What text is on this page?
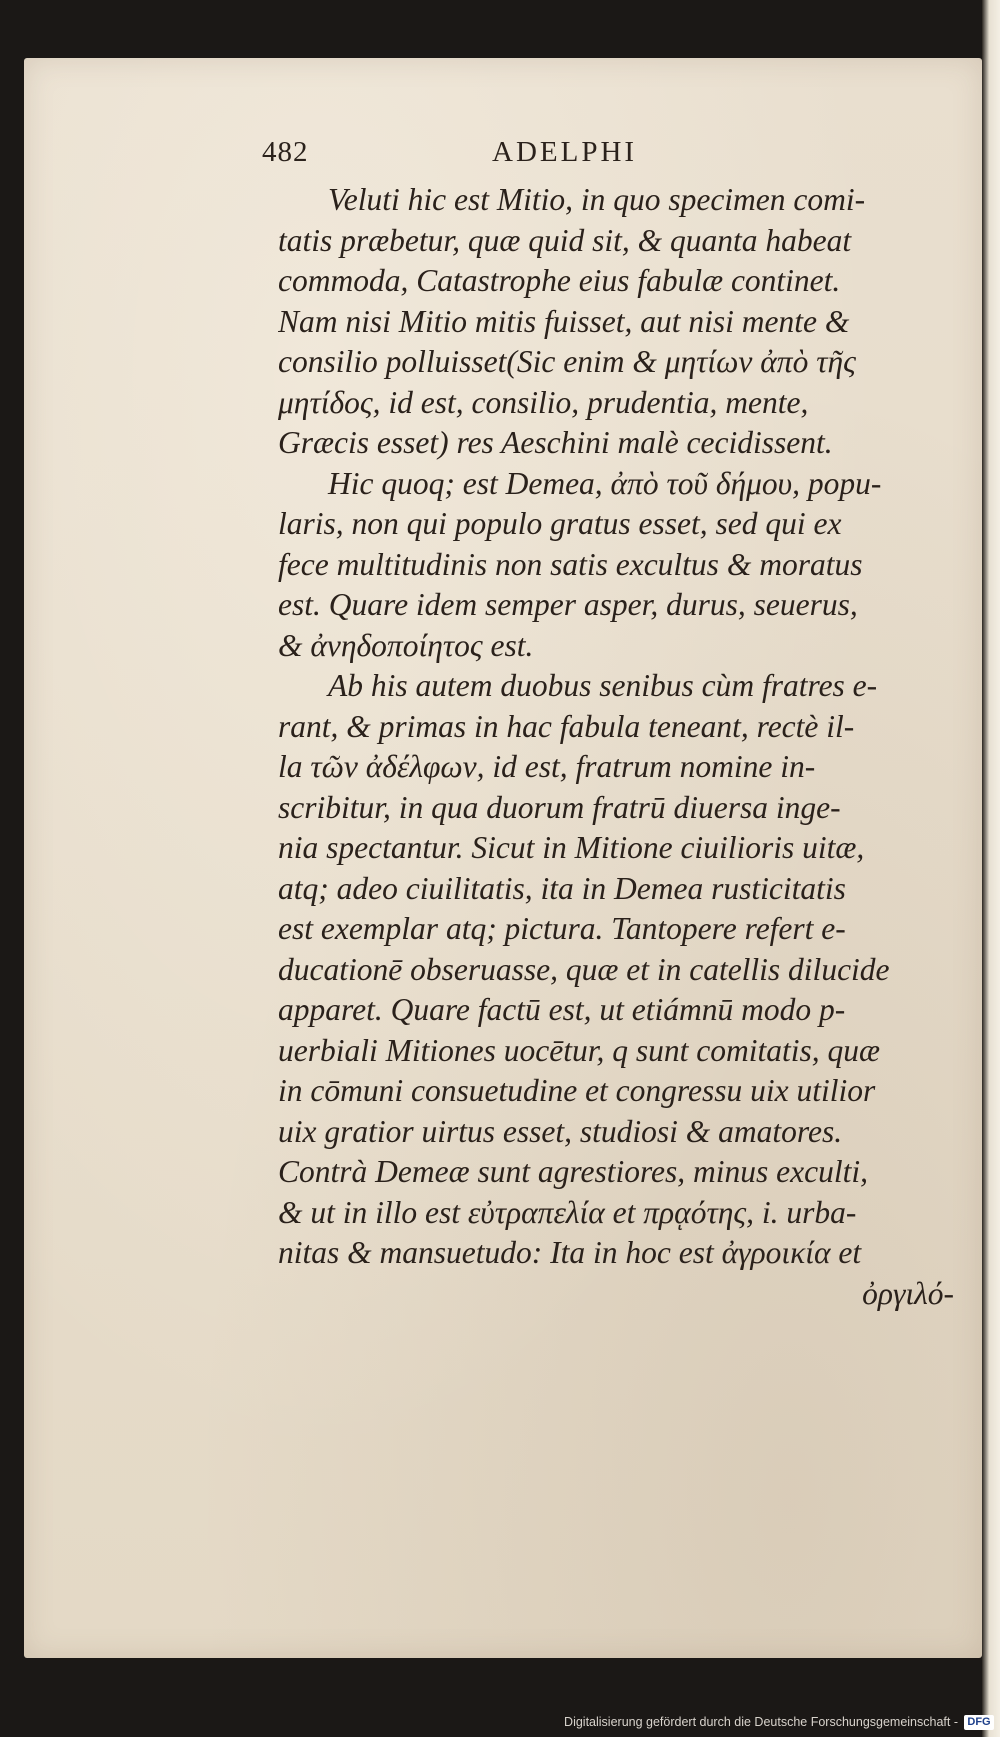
482	ADELPHI

Veluti hic est Mitio, in quo specimen comi-
tatis præbetur, quæ quid sit, & quanta habeat
commoda, Catastrophe eius fabulæ continet.
Nam nisi Mitio mitis fuisset, aut nisi mente &
consilio polluisset(Sic enim & μητίων ἀπὸ τῆς
μητίδος, id est, consilio, prudentia, mente,
Græcis esset) res Aeschini malè cecidissent.

Hic quoq; est Demea, ἀπὸ τοῦ δήμου, popu-
laris, non qui populo gratus esset, sed qui ex
fece multitudinis non satis excultus & moratus
est. Quare idem semper asper, durus, seuerus,
& ἀνηδοποίητος est.

Ab his autem duobus senibus cùm fratres e-
rant, & primas in hac fabula teneant, rectè il-
la τῶν ἀδέλφων, id est, fratrum nomine in-
scribitur, in qua duorum fratrū diuersa inge-
nia spectantur. Sicut in Mitione ciuilioris uitæ,
atq; adeo ciuilitatis, ita in Demea rusticitatis
est exemplar atq; pictura. Tantopere refert e-
ducationē obseruasse, quæ et in catellis dilucide
apparet. Quare factū est, ut etiámnū modo p-
uerbiali Mitiones uocētur, q sunt comitatis, quæ
in cōmuni consuetudine et congressu uix utilior
uix gratior uirtus esset, studiosi & amatores.
Contrà Demeæ sunt agrestiores, minus exculti,
& ut in illo est εὐτραπελία et πρᾳότης, i. urba-
nitas & mansuetudo: Ita in hoc est ἀγροικία et
ὀργιλό-

Digitalisierung gefördert durch die Deutsche Forschungsgemeinschaft - DFG
